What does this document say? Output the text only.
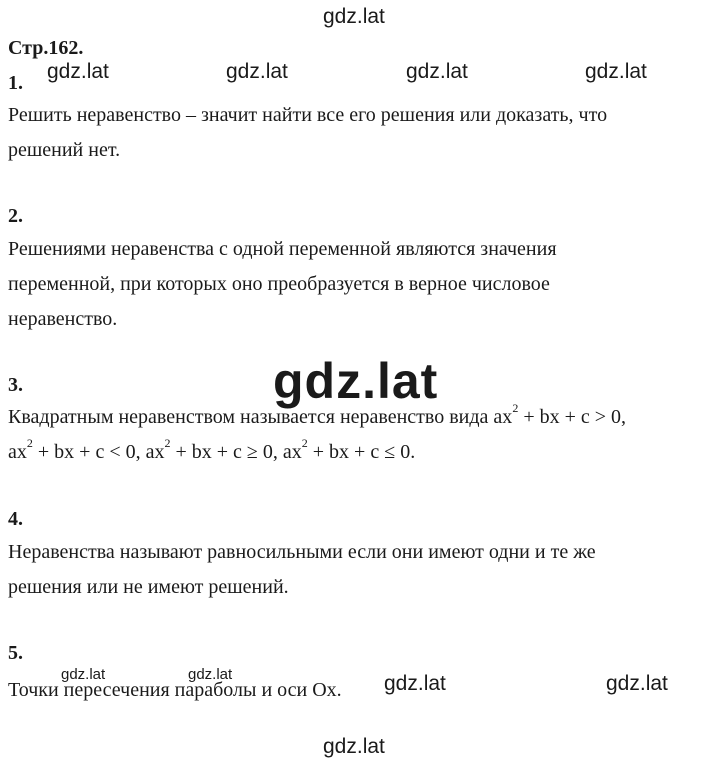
gdz.lat
gdz.lat	gdz.lat	gdz.lat	gdz.lat
gdz.lat
gdz.lat	gdz.lat	gdz.lat	gdz.lat
gdz.lat
Стр.162.
1.
Решить неравенство – значит найти все его решения или доказать, что
решений нет.
2.
Решениями неравенства с одной переменной являются значения
переменной, при которых оно преобразуется в верное числовое
неравенство.
3.
Квадратным неравенством называется неравенство вида $ax^2$ + bx + c > 0,
$ax^2$ + bx + c < 0, $ax^2$ + bx + c ≥ 0, $ax^2$ + bx + c ≤ 0.
4.
Неравенства называют равносильными если они имеют одни и те же
решения или не имеют решений.
5.
Точки пересечения параболы и оси Ox.
